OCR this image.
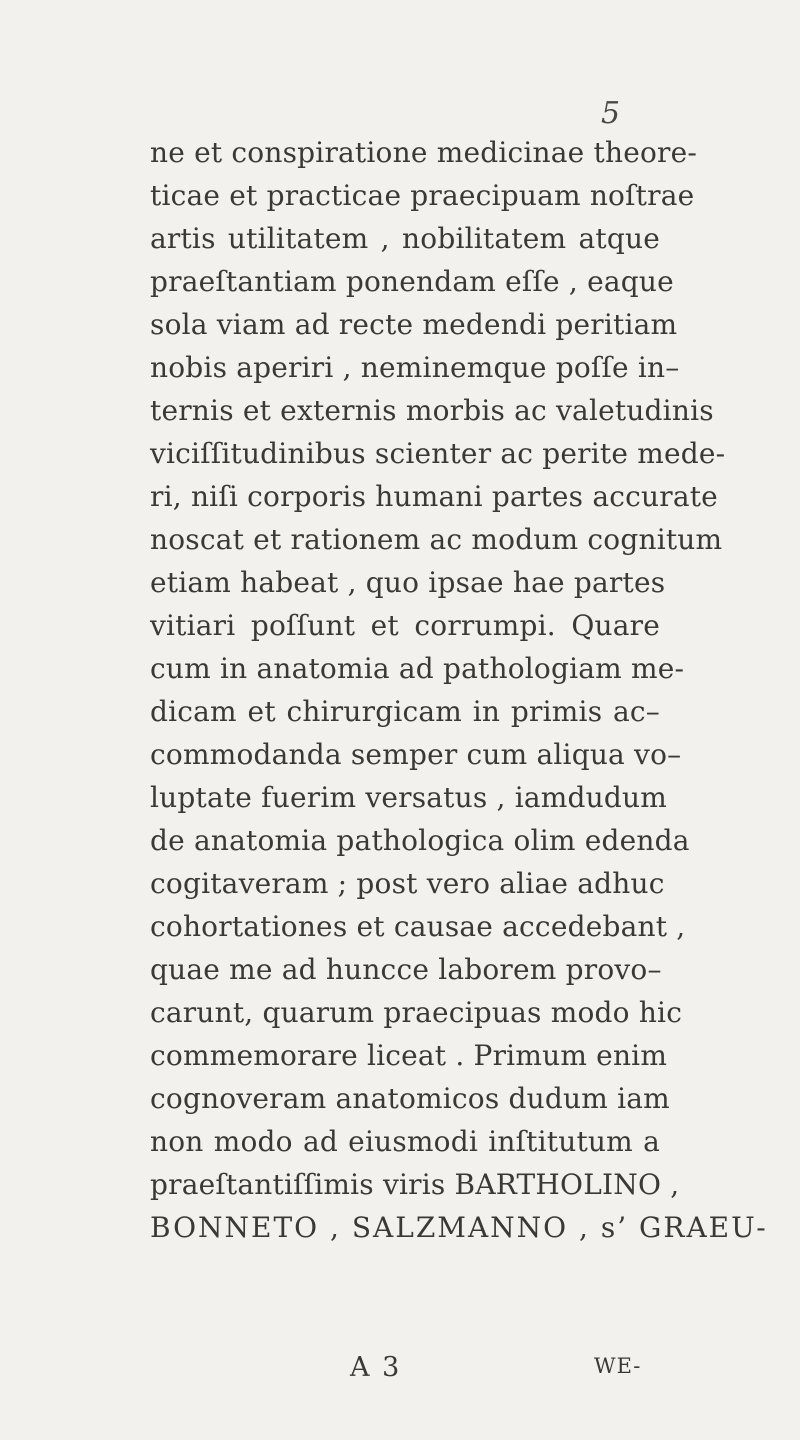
5
ne et conspiratione medicinae theore-
ticae et practicae praecipuam noſtrae
artis utilitatem , nobilitatem atque
praeſtantiam ponendam eſſe , eaque
sola viam ad recte medendi peritiam
nobis aperiri , neminemque poſſe in–
ternis et externis morbis ac valetudinis
viciſſitudinibus scienter ac perite mede-
ri, niſi corporis humani partes accurate
noscat et rationem ac modum cognitum
etiam habeat , quo ipsae hae partes
vitiari poſſunt et corrumpi. Quare
cum in anatomia ad pathologiam me-
dicam et chirurgicam in primis ac–
commodanda semper cum aliqua vo–
luptate fuerim versatus , iamdudum
de anatomia pathologica olim edenda
cogitaveram ; post vero aliae adhuc
cohortationes et causae accedebant ,
quae me ad huncce laborem provo–
carunt, quarum praecipuas modo hic
commemorare liceat . Primum enim
cognoveram anatomicos dudum iam
non modo ad eiusmodi inſtitutum a
praeſtantiſſimis viris BARTHOLINO ,
BONNETO , SALZMANNO , s’ GRAEU-
A 3	WE-
